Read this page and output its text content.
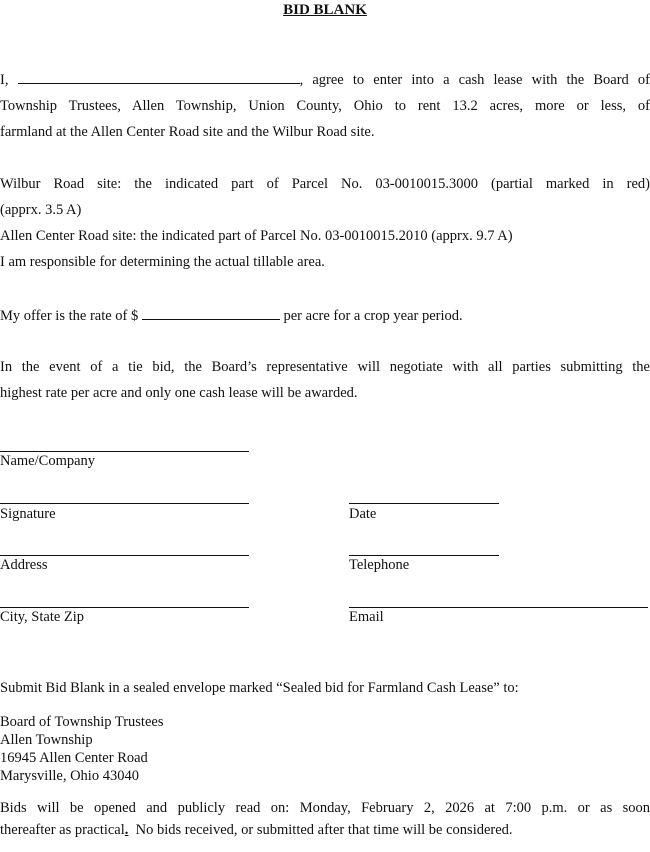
BID BLANK
I,	, agree to enter into a cash lease with the Board of
Township Trustees, Allen Township, Union County, Ohio to rent 13.2 acres, more or less, of
farmland at the Allen Center Road site and the Wilbur Road site.
Wilbur Road site: the indicated part of Parcel No. 03-0010015.3000 (partial marked in red)
(apprx. 3.5 A)
Allen Center Road site: the indicated part of Parcel No. 03-0010015.2010 (apprx. 9.7 A)
I am responsible for determining the actual tillable area.
My offer is the rate of $	per acre for a crop year period.
In the event of a tie bid, the Board’s representative will negotiate with all parties submitting the
highest rate per acre and only one cash lease will be awarded.
Name/Company
Signature	Date
Address	Telephone
City, State Zip	Email
Submit Bid Blank in a sealed envelope marked “Sealed bid for Farmland Cash Lease” to:
Board of Township Trustees
Allen Township
16945 Allen Center Road
Marysville, Ohio 43040
Bids will be opened and publicly read on: Monday, February 2, 2026 at 7:00 p.m. or as soon
thereafter as practical.  No bids received, or submitted after that time will be considered.
